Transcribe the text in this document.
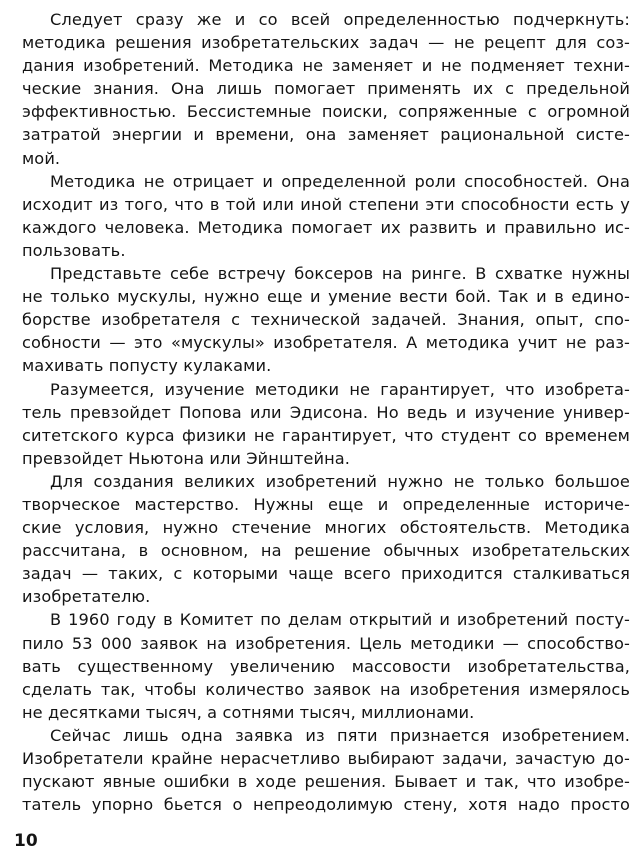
Следует сразу же и со всей определенностью подчеркнуть:
методика решения изобретательских задач — не рецепт для соз-
дания изобретений. Методика не заменяет и не подменяет техни-
ческие знания. Она лишь помогает применять их с предельной
эффективностью. Бессистемные поиски, сопряженные с огромной
затратой энергии и времени, она заменяет рациональной систе-
мой.
Методика не отрицает и определенной роли способностей. Она
исходит из того, что в той или иной степени эти способности есть у
каждого человека. Методика помогает их развить и правильно ис-
пользовать.
Представьте себе встречу боксеров на ринге. В схватке нужны
не только мускулы, нужно еще и умение вести бой. Так и в едино-
борстве изобретателя с технической задачей. Знания, опыт, спо-
собности — это «мускулы» изобретателя. А методика учит не раз-
махивать попусту кулаками.
Разумеется, изучение методики не гарантирует, что изобрета-
тель превзойдет Попова или Эдисона. Но ведь и изучение универ-
ситетского курса физики не гарантирует, что студент со временем
превзойдет Ньютона или Эйнштейна.
Для создания великих изобретений нужно не только большое
творческое мастерство. Нужны еще и определенные историче-
ские условия, нужно стечение многих обстоятельств. Методика
рассчитана, в основном, на решение обычных изобретательских
задач — таких, с которыми чаще всего приходится сталкиваться
изобретателю.
В 1960 году в Комитет по делам открытий и изобретений посту-
пило 53 000 заявок на изобретения. Цель методики — способство-
вать существенному увеличению массовости изобретательства,
сделать так, чтобы количество заявок на изобретения измерялось
не десятками тысяч, а сотнями тысяч, миллионами.
Сейчас лишь одна заявка из пяти признается изобретением.
Изобретатели крайне нерасчетливо выбирают задачи, зачастую до-
пускают явные ошибки в ходе решения. Бывает и так, что изобре-
татель упорно бьется о непреодолимую стену, хотя надо просто
10
